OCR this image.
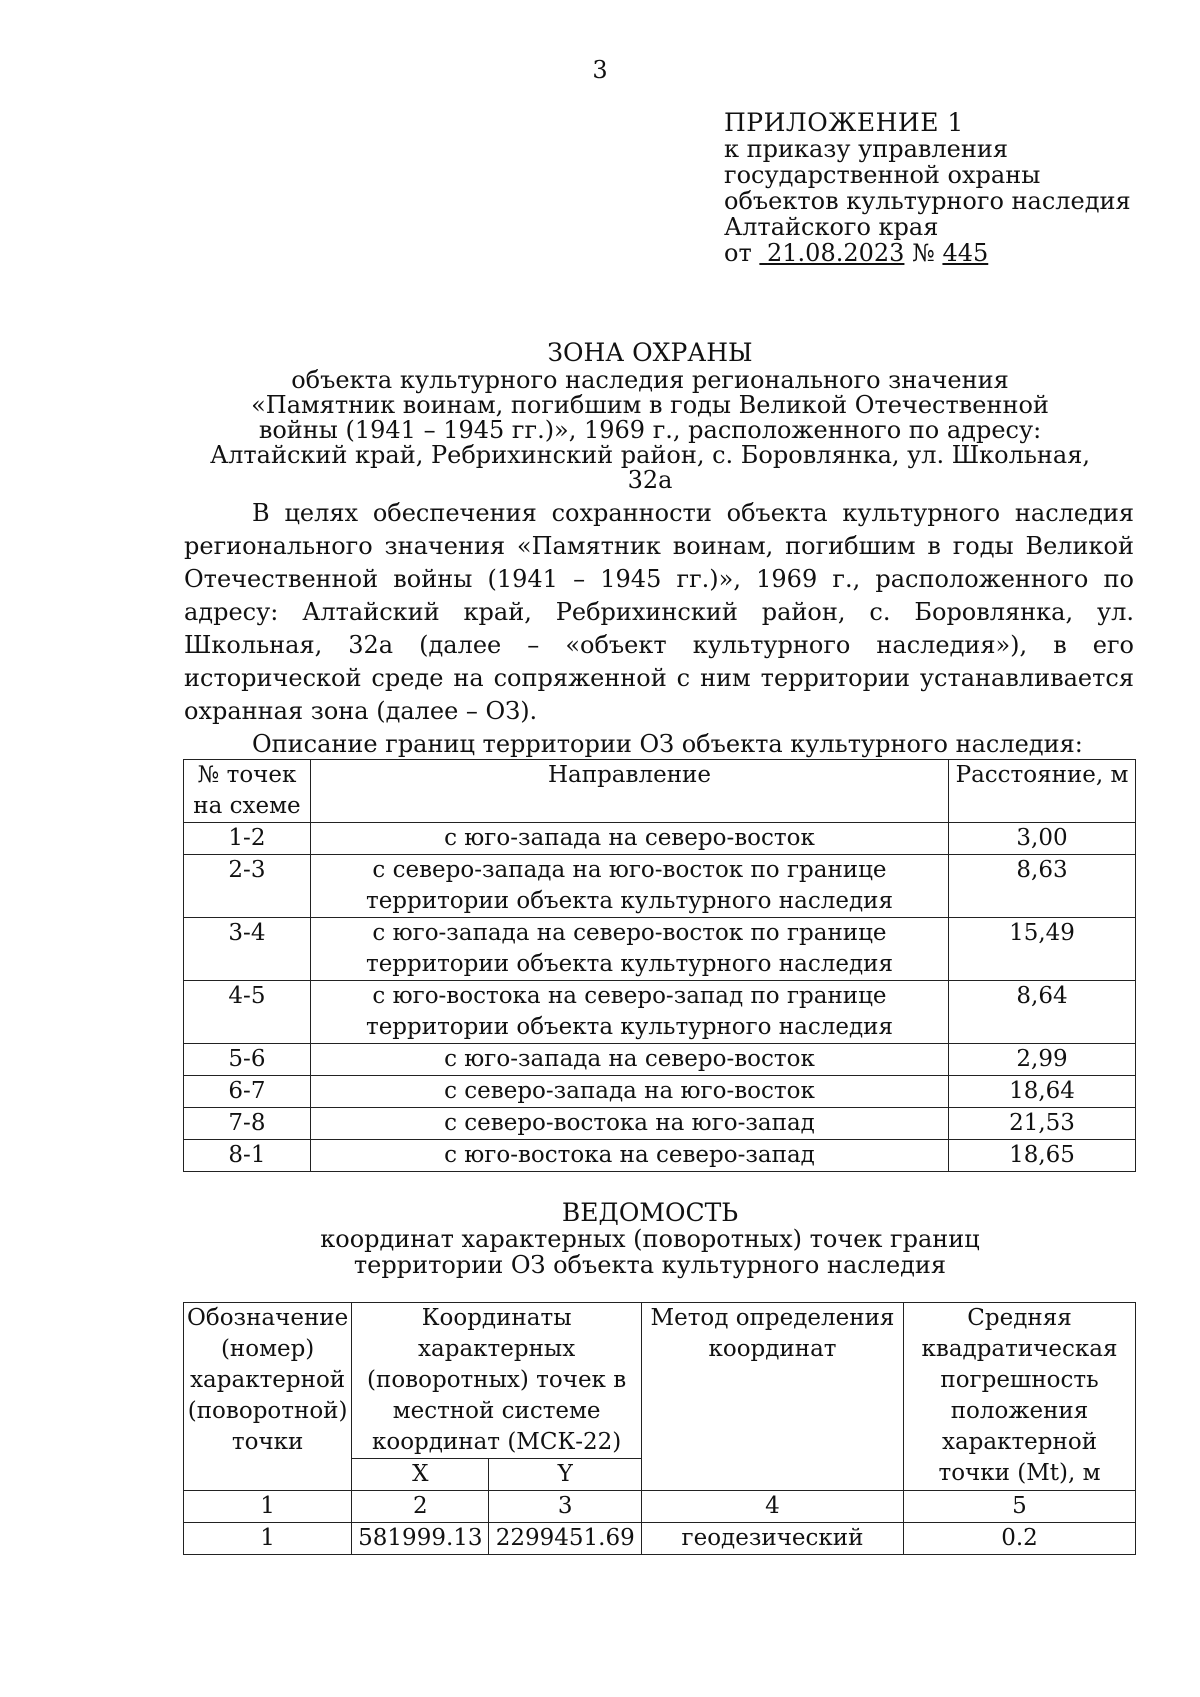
3
ПРИЛОЖЕНИЕ 1
к приказу управления
государственной охраны
объектов культурного наследия
Алтайского края
от 21.08.2023 № 445
ЗОНА ОХРАНЫ
объекта культурного наследия регионального значения
«Памятник воинам, погибшим в годы Великой Отечественной
войны (1941 – 1945 гг.)», 1969 г., расположенного по адресу:
Алтайский край, Ребрихинский район, с. Боровлянка, ул. Школьная, 32а

В целях обеспечения сохранности объекта культурного наследия регионального значения «Памятник воинам, погибшим в годы Великой Отечественной войны (1941 – 1945 гг.)», 1969 г., расположенного по адресу: Алтайский край, Ребрихинский район, с. Боровлянка, ул. Школьная, 32а (далее – «объект культурного наследия»), в его исторической среде на сопряженной с ним территории устанавливается охранная зона (далее – ОЗ).

Описание границ территории ОЗ объекта культурного наследия:

№ точек на схеме	Направление	Расстояние, м
1-2	с юго-запада на северо-восток	3,00
2-3	с северо-запада на юго-восток по границе территории объекта культурного наследия	8,63
3-4	с юго-запада на северо-восток по границе территории объекта культурного наследия	15,49
4-5	с юго-востока на северо-запад по границе территории объекта культурного наследия	8,64
5-6	с юго-запада на северо-восток	2,99
6-7	с северо-запада на юго-восток	18,64
7-8	с северо-востока на юго-запад	21,53
8-1	с юго-востока на северо-запад	18,65
ВЕДОМОСТЬ
координат характерных (поворотных) точек границ
территории ОЗ объекта культурного наследия
Обозначение (номер) характерной (поворотной) точки	Координаты характерных (поворотных) точек в местной системе координат (МСК-22)		Метод определения координат	Средняя квадратическая погрешность положения характерной точки (Mt), м
	X	Y		
1	2	3	4	5
1	581999.13	2299451.69	геодезический	0.2
